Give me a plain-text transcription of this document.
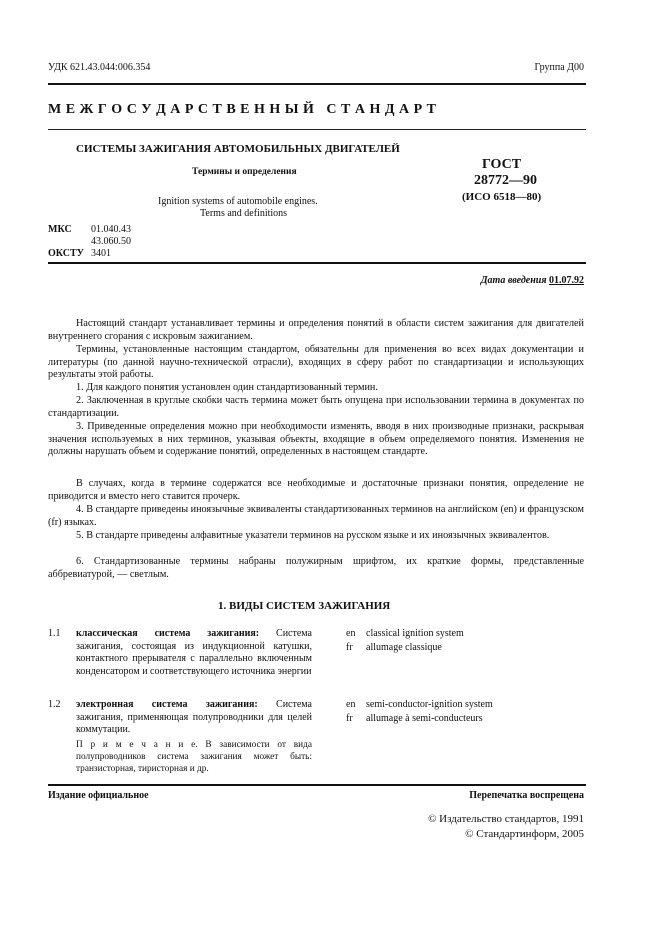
УДК 621.43.044:006.354	Группа Д00
М Е Ж Г О С У Д А Р С Т В Е Н Н Ы Й   С Т А Н Д А Р Т
СИСТЕМЫ ЗАЖИГАНИЯ АВТОМОБИЛЬНЫХ ДВИГАТЕЛЕЙ
Термины и определения
Ignition systems of automobile engines.
Terms and definitions
ГОСТ
28772—90
(ИСО 6518—80)
МКС 01.040.43
43.060.50
ОКСТУ 3401
Дата введения 01.07.92
Настоящий стандарт устанавливает термины и определения понятий в области систем зажигания для двигателей внутреннего сгорания с искровым зажиганием.
Термины, установленные настоящим стандартом, обязательны для применения во всех видах документации и литературы (по данной научно-технической отрасли), входящих в сферу работ по стандартизации и использующих результаты этой работы.
1. Для каждого понятия установлен один стандартизованный термин.
2. Заключенная в круглые скобки часть термина может быть опущена при использовании термина в документах по стандартизации.
3. Приведенные определения можно при необходимости изменять, вводя в них производные признаки, раскрывая значения используемых в них терминов, указывая объекты, входящие в объем определяемого понятия. Изменения не должны нарушать объем и содержание понятий, определенных в настоящем стандарте.
В случаях, когда в термине содержатся все необходимые и достаточные признаки понятия, определение не приводится и вместо него ставится прочерк.
4. В стандарте приведены иноязычные эквиваленты стандартизованных терминов на английском (en) и французском (fr) языках.
5. В стандарте приведены алфавитные указатели терминов на русском языке и их иноязычных эквивалентов.
6. Стандартизованные термины набраны полужирным шрифтом, их краткие формы, представленные аббревиатурой, — светлым.
1. ВИДЫ СИСТЕМ ЗАЖИГАНИЯ
1.1 классическая система зажигания: Система зажигания, состоящая из индукционной катушки, контактного прерывателя с параллельно включенным конденсатором и соответствующего источника энергии
en classical ignition system
fr allumage classique
1.2 электронная система зажигания: Система зажигания, применяющая полупроводники для целей коммутации.
П р и м е ч а н и е. В зависимости от вида полупроводников система зажигания может быть: транзисторная, тиристорная и др.
en semi-conductor-ignition system
fr allumage à semi-conducteurs
Издание официальное	Перепечатка воспрещена
© Издательство стандартов, 1991
© Стандартинформ, 2005
